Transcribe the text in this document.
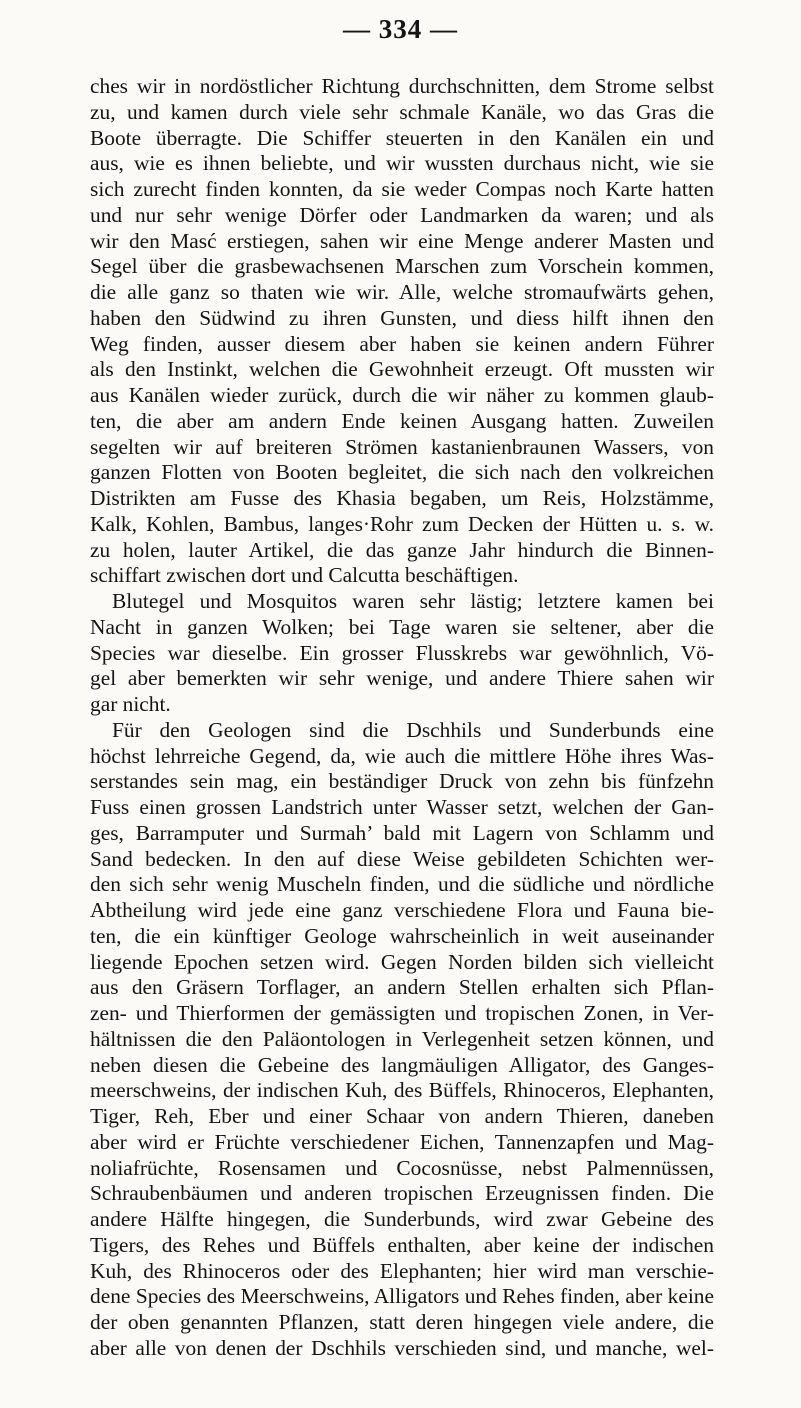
— 334 —
ches wir in nordöstlicher Richtung durchschnitten, dem Strome selbst
zu, und kamen durch viele sehr schmale Kanäle, wo das Gras die
Boote überragte. Die Schiffer steuerten in den Kanälen ein und
aus, wie es ihnen beliebte, und wir wussten durchaus nicht, wie sie
sich zurecht finden konnten, da sie weder Compas noch Karte hatten
und nur sehr wenige Dörfer oder Landmarken da waren; und als
wir den Masć erstiegen, sahen wir eine Menge anderer Masten und
Segel über die grasbewachsenen Marschen zum Vorschein kommen,
die alle ganz so thaten wie wir. Alle, welche stromaufwärts gehen,
haben den Südwind zu ihren Gunsten, und diess hilft ihnen den
Weg finden, ausser diesem aber haben sie keinen andern Führer
als den Instinkt, welchen die Gewohnheit erzeugt. Oft mussten wir
aus Kanälen wieder zurück, durch die wir näher zu kommen glaub-
ten, die aber am andern Ende keinen Ausgang hatten. Zuweilen
segelten wir auf breiteren Strömen kastanienbraunen Wassers, von
ganzen Flotten von Booten begleitet, die sich nach den volkreichen
Distrikten am Fusse des Khasia begaben, um Reis, Holzstämme,
Kalk, Kohlen, Bambus, langes·Rohr zum Decken der Hütten u. s. w.
zu holen, lauter Artikel, die das ganze Jahr hindurch die Binnen-
schiffart zwischen dort und Calcutta beschäftigen.
Blutegel und Mosquitos waren sehr lästig; letztere kamen bei
Nacht in ganzen Wolken; bei Tage waren sie seltener, aber die
Species war dieselbe. Ein grosser Flusskrebs war gewöhnlich, Vö-
gel aber bemerkten wir sehr wenige, und andere Thiere sahen wir
gar nicht.
Für den Geologen sind die Dschhils und Sunderbunds eine
höchst lehrreiche Gegend, da, wie auch die mittlere Höhe ihres Was-
serstandes sein mag, ein beständiger Druck von zehn bis fünfzehn
Fuss einen grossen Landstrich unter Wasser setzt, welchen der Gan-
ges, Barramputer und Surmah’ bald mit Lagern von Schlamm und
Sand bedecken. In den auf diese Weise gebildeten Schichten wer-
den sich sehr wenig Muscheln finden, und die südliche und nördliche
Abtheilung wird jede eine ganz verschiedene Flora und Fauna bie-
ten, die ein künftiger Geologe wahrscheinlich in weit auseinander
liegende Epochen setzen wird. Gegen Norden bilden sich vielleicht
aus den Gräsern Torflager, an andern Stellen erhalten sich Pflan-
zen- und Thierformen der gemässigten und tropischen Zonen, in Ver-
hältnissen die den Paläontologen in Verlegenheit setzen können, und
neben diesen die Gebeine des langmäuligen Alligator, des Ganges-
meerschweins, der indischen Kuh, des Büffels, Rhinoceros, Elephanten,
Tiger, Reh, Eber und einer Schaar von andern Thieren, daneben
aber wird er Früchte verschiedener Eichen, Tannenzapfen und Mag-
noliafrüchte, Rosensamen und Cocosnüsse, nebst Palmennüssen,
Schraubenbäumen und anderen tropischen Erzeugnissen finden. Die
andere Hälfte hingegen, die Sunderbunds, wird zwar Gebeine des
Tigers, des Rehes und Büffels enthalten, aber keine der indischen
Kuh, des Rhinoceros oder des Elephanten; hier wird man verschie-
dene Species des Meerschweins, Alligators und Rehes finden, aber keine
der oben genannten Pflanzen, statt deren hingegen viele andere, die
aber alle von denen der Dschhils verschieden sind, und manche, wel-
